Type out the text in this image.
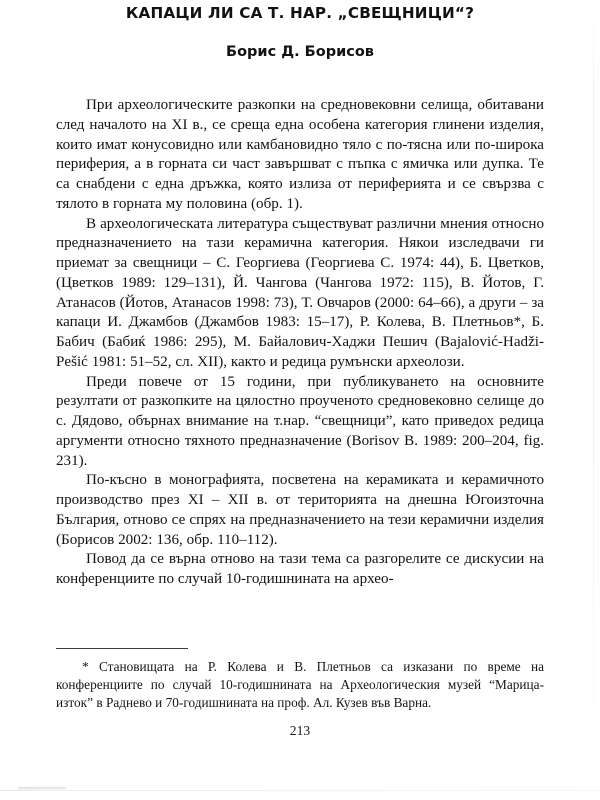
КАПАЦИ ЛИ СА Т. НАР. „СВЕЩНИЦИ“?
Борис Д. Борисов

При археологическите разкопки на средновековни селища, обитавани след началото на XI в., се среща една особена категория глинени изделия, които имат конусовидно или камбановидно тяло с по-тясна или по-широка периферия, а в горната си част завършват с пъпка с ямичка или дупка. Те са снабдени с една дръжка, която излиза от периферията и се свързва с тялото в горната му половина (обр. 1).

В археологическата литература съществуват различни мнения относно предназначението на тази керамична категория. Някои изследвачи ги приемат за свещници – С. Георгиева (Георгиева С. 1974: 44), Б. Цветков, (Цветков 1989: 129–131), Й. Чангова (Чангова 1972: 115), В. Йотов, Г. Атанасов (Йотов, Атанасов 1998: 73), Т. Овчаров (2000: 64–66), а други – за капаци И. Джамбов (Джамбов 1983: 15–17), Р. Колева, В. Плетньов*, Б. Бабич (Бабиќ 1986: 295), М. Байалович-Хаджи Пешич (Bajalović-Hadži-Pešić 1981: 51–52, сл. XII), както и редица румънски археолози.

Преди повече от 15 години, при публикуването на основните резултати от разкопките на цялостно проученото средновековно селище до с. Дядово, обърнах внимание на т.нар. “свещници”, като приведох редица аргументи относно тяхното предназначение (Borisov B. 1989: 200–204, fig. 231).

По-късно в монографията, посветена на керамиката и керамичното производство през XI – XII в. от територията на днешна Югоизточна България, отново се спрях на предназначението на тези керамични изделия (Борисов 2002: 136, обр. 110–112).

Повод да се върна отново на тази тема са разгорелите се дискусии на конференциите по случай 10-годишнината на архео-

* Становищата на Р. Колева и В. Плетньов са изказани по време на конференциите по случай 10-годишнината на Археологическия музей “Марица-изток” в Раднево и 70-годишнината на проф. Ал. Кузев във Варна.

213
